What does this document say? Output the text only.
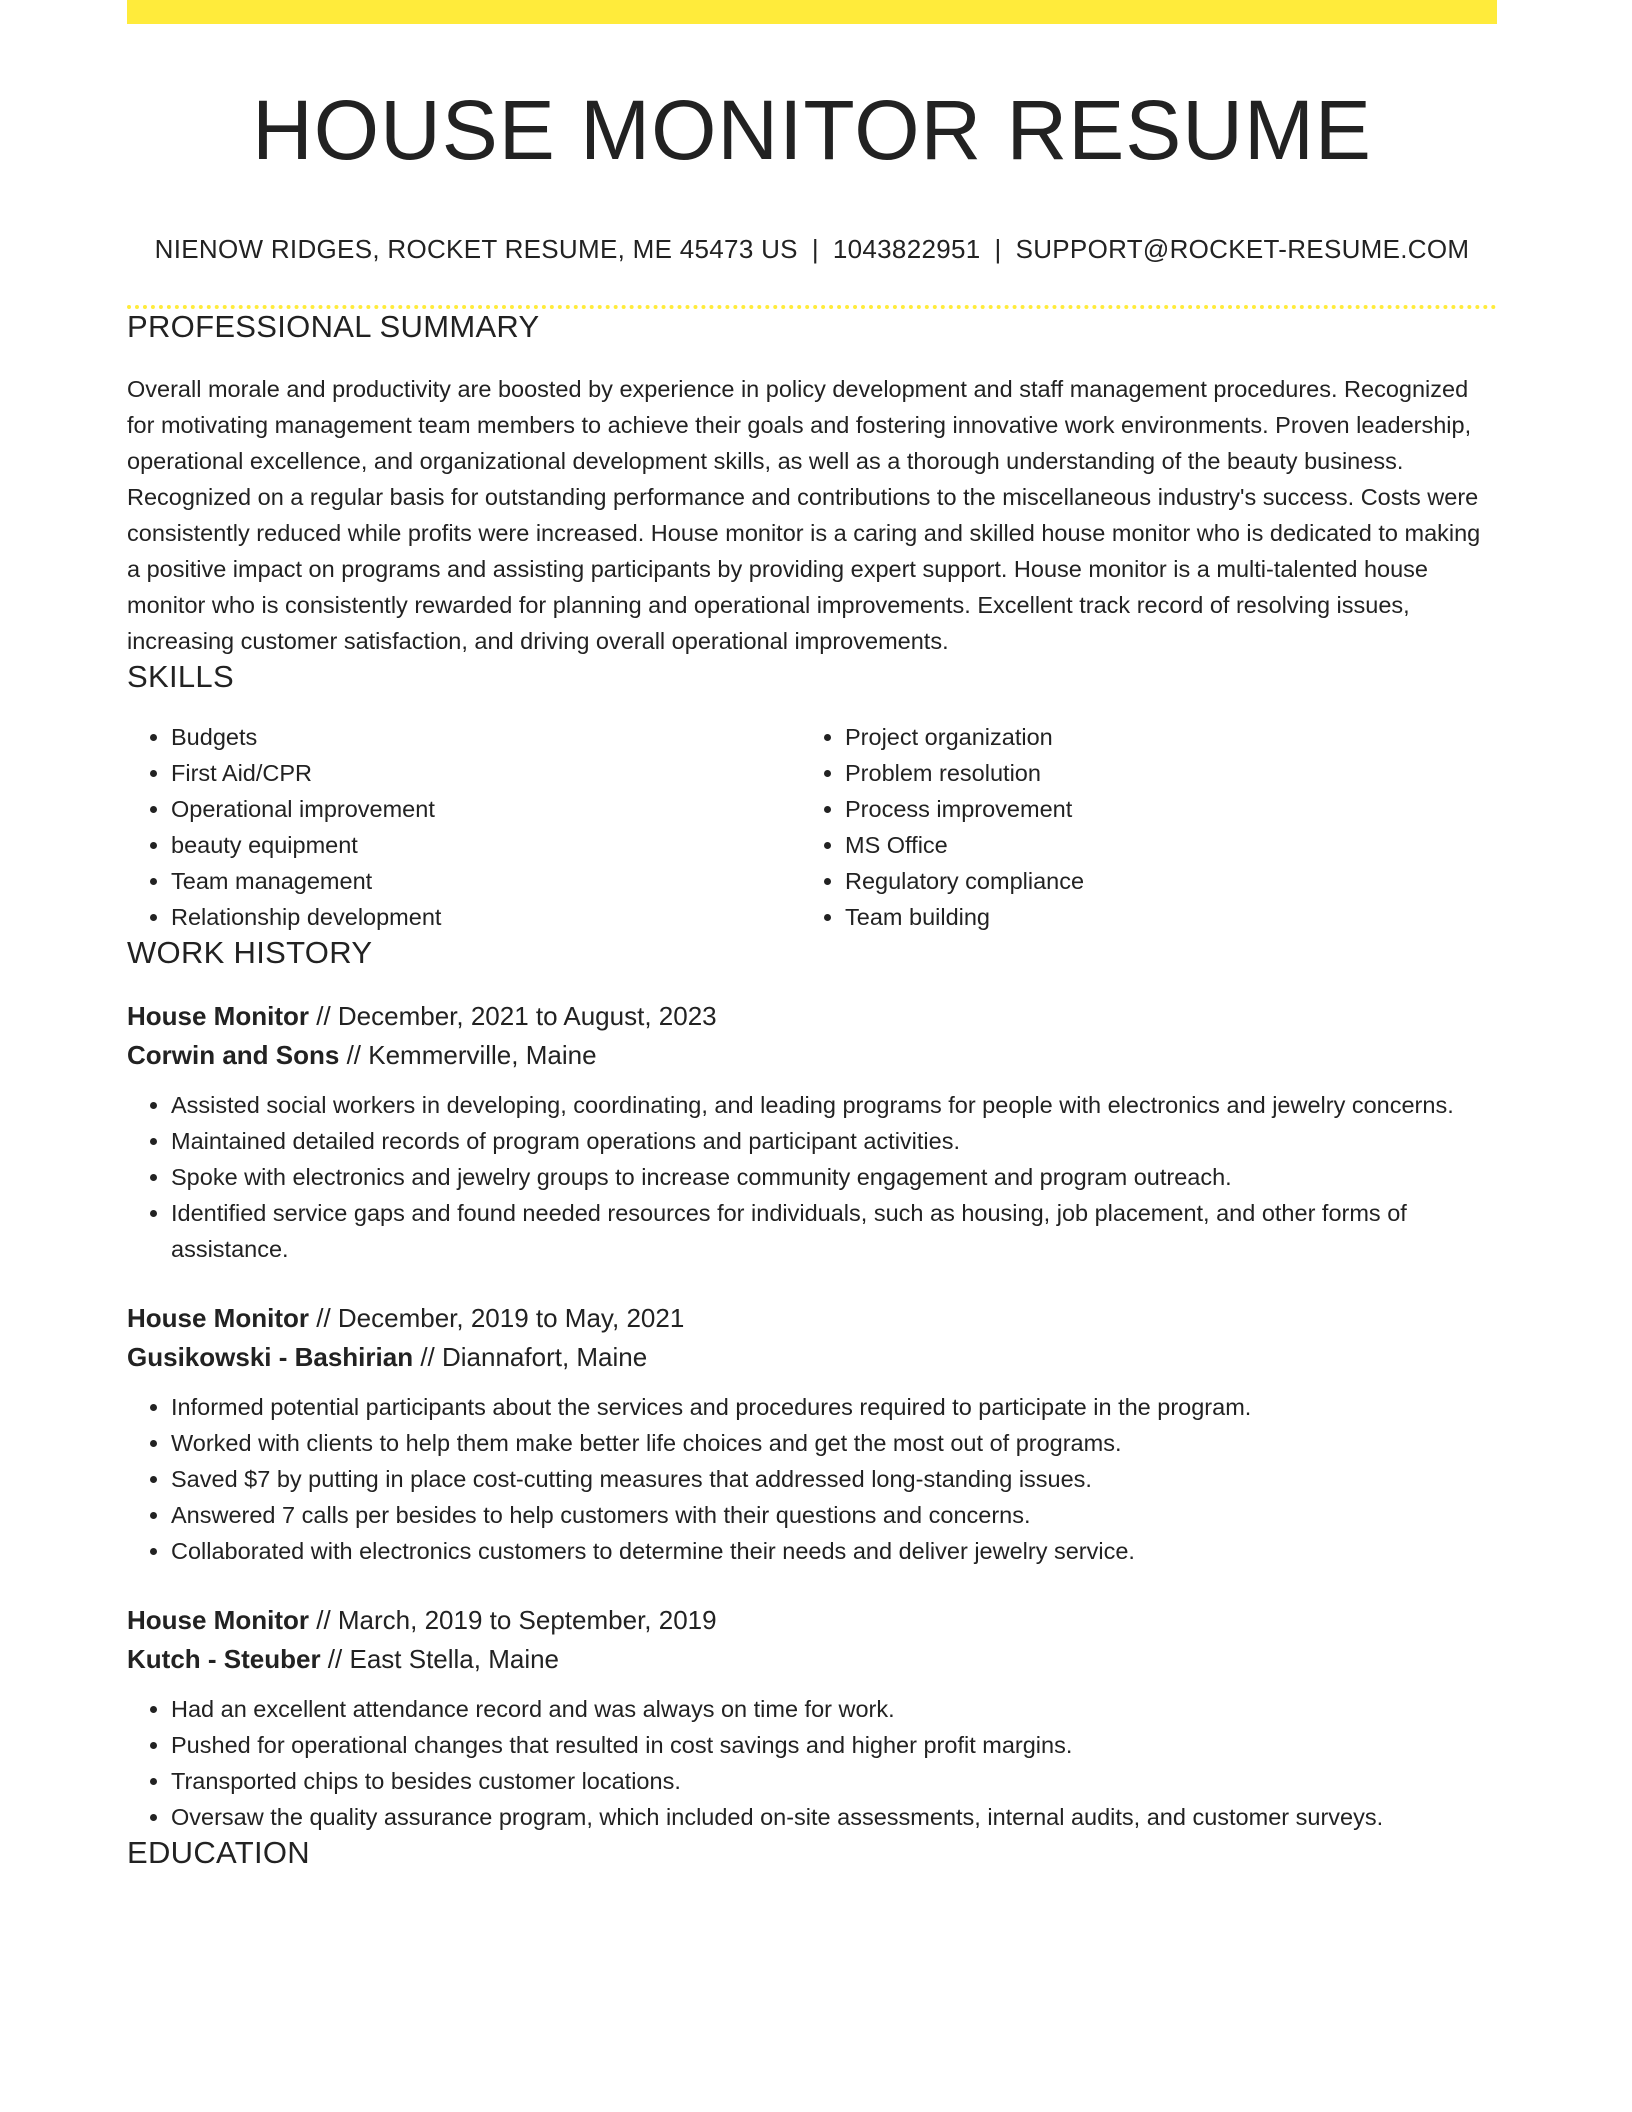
HOUSE MONITOR RESUME
NIENOW RIDGES, ROCKET RESUME, ME 45473 US | 1043822951 | SUPPORT@ROCKET-RESUME.COM
PROFESSIONAL SUMMARY
Overall morale and productivity are boosted by experience in policy development and staff management procedures. Recognized for motivating management team members to achieve their goals and fostering innovative work environments. Proven leadership, operational excellence, and organizational development skills, as well as a thorough understanding of the beauty business. Recognized on a regular basis for outstanding performance and contributions to the miscellaneous industry's success. Costs were consistently reduced while profits were increased. House monitor is a caring and skilled house monitor who is dedicated to making a positive impact on programs and assisting participants by providing expert support. House monitor is a multi-talented house monitor who is consistently rewarded for planning and operational improvements. Excellent track record of resolving issues, increasing customer satisfaction, and driving overall operational improvements.
SKILLS
• Budgets
• First Aid/CPR
• Operational improvement
• beauty equipment
• Team management
• Relationship development
• Project organization
• Problem resolution
• Process improvement
• MS Office
• Regulatory compliance
• Team building
WORK HISTORY
House Monitor // December, 2021 to August, 2023
Corwin and Sons // Kemmerville, Maine
• Assisted social workers in developing, coordinating, and leading programs for people with electronics and jewelry concerns.
• Maintained detailed records of program operations and participant activities.
• Spoke with electronics and jewelry groups to increase community engagement and program outreach.
• Identified service gaps and found needed resources for individuals, such as housing, job placement, and other forms of assistance.
House Monitor // December, 2019 to May, 2021
Gusikowski - Bashirian // Diannafort, Maine
• Informed potential participants about the services and procedures required to participate in the program.
• Worked with clients to help them make better life choices and get the most out of programs.
• Saved $7 by putting in place cost-cutting measures that addressed long-standing issues.
• Answered 7 calls per besides to help customers with their questions and concerns.
• Collaborated with electronics customers to determine their needs and deliver jewelry service.
House Monitor // March, 2019 to September, 2019
Kutch - Steuber // East Stella, Maine
• Had an excellent attendance record and was always on time for work.
• Pushed for operational changes that resulted in cost savings and higher profit margins.
• Transported chips to besides customer locations.
• Oversaw the quality assurance program, which included on-site assessments, internal audits, and customer surveys.
EDUCATION
